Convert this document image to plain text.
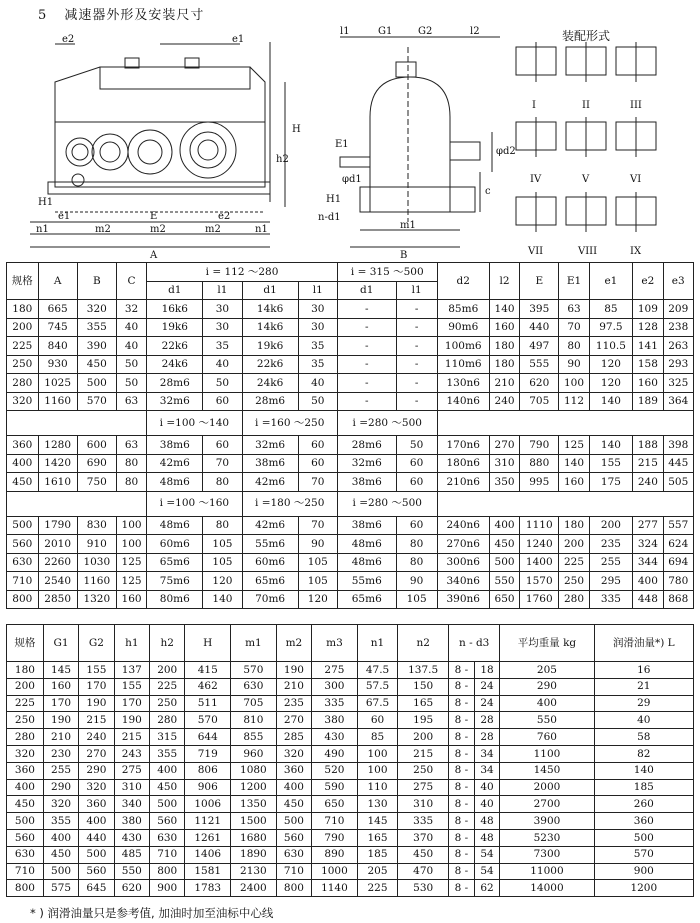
5 减速器外形及安装尺寸
e2	e1
H
h2
H1
e1	E	e2
n1	m2	m2	m2	n1
A
l1	G1	G2	l2
E1
φd2
φd1
H1
c
n-d1
m1
B
I	II	III
IV	V	VI
VII	VIII	IX
装配形式
规格	A	B	C	i = 112 ～280				i = 315 ～500		d2	l2	E	E1	e1	e2	e3
				d1	l1	d1	l1	d1	l1							
180	665	320	32	16k6	30	14k6	30	-	-	85m6	140	395	63	85	109	209
200	745	355	40	19k6	30	14k6	30	-	-	90m6	160	440	70	97.5	128	238
225	840	390	40	22k6	35	19k6	35	-	-	100m6	180	497	80	110.5	141	263
250	930	450	50	24k6	40	22k6	35	-	-	110m6	180	555	90	120	158	293
280	1025	500	50	28m6	50	24k6	40	-	-	130n6	210	620	100	120	160	325
320	1160	570	63	32m6	60	28m6	50	-	-	140n6	240	705	112	140	189	364
				i =100 ～140		i =160 ～250		i =280 ～500								
360	1280	600	63	38m6	60	32m6	60	28m6	50	170n6	270	790	125	140	188	398
400	1420	690	80	42m6	70	38m6	60	32m6	60	180n6	310	880	140	155	215	445
450	1610	750	80	48m6	80	42m6	70	38m6	60	210n6	350	995	160	175	240	505
				i =100 ～160		i =180 ～250		i =280 ～500								
500	1790	830	100	48m6	80	42m6	70	38m6	60	240n6	400	1110	180	200	277	557
560	2010	910	100	60m6	105	55m6	90	48m6	80	270n6	450	1240	200	235	324	624
630	2260	1030	125	65m6	105	60m6	105	48m6	80	300n6	500	1400	225	255	344	694
710	2540	1160	125	75m6	120	65m6	105	55m6	90	340n6	550	1570	250	295	400	780
800	2850	1320	160	80m6	140	70m6	120	65m6	105	390n6	650	1760	280	335	448	868
规格	G1	G2	h1	h2	H	m1	m2	m3	n1	n2	n - d3		平均重量 kg	润滑油量*) L
180	145	155	137	200	415	570	190	275	47.5	137.5	8 -	18	205	16
200	160	170	155	225	462	630	210	300	57.5	150	8 -	24	290	21
225	170	190	170	250	511	705	235	335	67.5	165	8 -	24	400	29
250	190	215	190	280	570	810	270	380	60	195	8 -	28	550	40
280	210	240	215	315	644	855	285	430	85	200	8 -	28	760	58
320	230	270	243	355	719	960	320	490	100	215	8 -	34	1100	82
360	255	290	275	400	806	1080	360	520	100	250	8 -	34	1450	140
400	290	320	310	450	906	1200	400	590	110	275	8 -	40	2000	185
450	320	360	340	500	1006	1350	450	650	130	310	8 -	40	2700	260
500	355	400	380	560	1121	1500	500	710	145	335	8 -	48	3900	360
560	400	440	430	630	1261	1680	560	790	165	370	8 -	48	5230	500
630	450	500	485	710	1406	1890	630	890	185	450	8 -	54	7300	570
710	500	560	550	800	1581	2130	710	1000	205	470	8 -	54	11000	900
800	575	645	620	900	1783	2400	800	1140	225	530	8 -	62	14000	1200
* ) 润滑油量只是参考值, 加油时加至油标中心线
